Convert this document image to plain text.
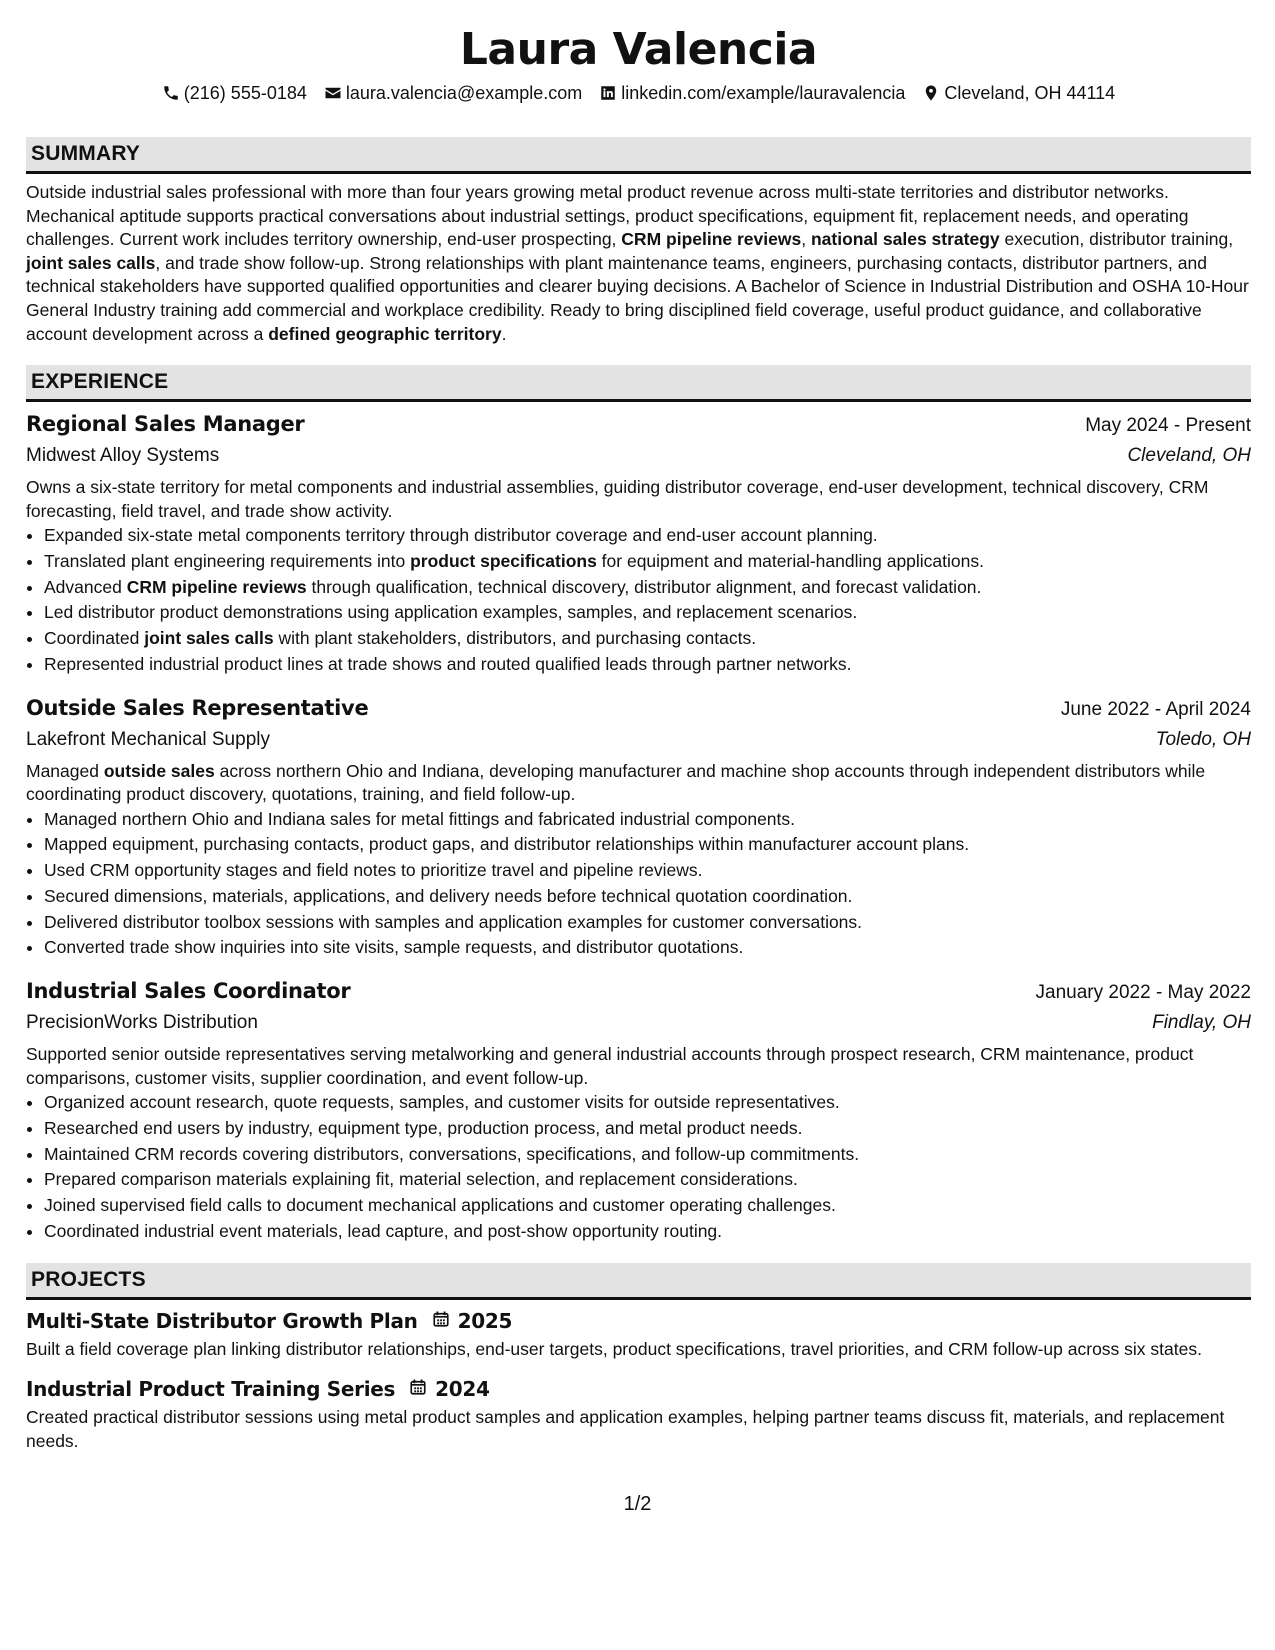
Laura Valencia
(216) 555-0184 laura.valencia@example.com linkedin.com/example/lauravalencia Cleveland, OH 44114
SUMMARY
Outside industrial sales professional with more than four years growing metal product revenue across multi-state territories and distributor networks. Mechanical aptitude supports practical conversations about industrial settings, product specifications, equipment fit, replacement needs, and operating challenges. Current work includes territory ownership, end-user prospecting, CRM pipeline reviews, national sales strategy execution, distributor training, joint sales calls, and trade show follow-up. Strong relationships with plant maintenance teams, engineers, purchasing contacts, distributor partners, and technical stakeholders have supported qualified opportunities and clearer buying decisions. A Bachelor of Science in Industrial Distribution and OSHA 10-Hour General Industry training add commercial and workplace credibility. Ready to bring disciplined field coverage, useful product guidance, and collaborative account development across a defined geographic territory.
EXPERIENCE
Regional Sales Manager	May 2024 - Present
Midwest Alloy Systems	Cleveland, OH
Owns a six-state territory for metal components and industrial assemblies, guiding distributor coverage, end-user development, technical discovery, CRM forecasting, field travel, and trade show activity.
• Expanded six-state metal components territory through distributor coverage and end-user account planning.
• Translated plant engineering requirements into product specifications for equipment and material-handling applications.
• Advanced CRM pipeline reviews through qualification, technical discovery, distributor alignment, and forecast validation.
• Led distributor product demonstrations using application examples, samples, and replacement scenarios.
• Coordinated joint sales calls with plant stakeholders, distributors, and purchasing contacts.
• Represented industrial product lines at trade shows and routed qualified leads through partner networks.
Outside Sales Representative	June 2022 - April 2024
Lakefront Mechanical Supply	Toledo, OH
Managed outside sales across northern Ohio and Indiana, developing manufacturer and machine shop accounts through independent distributors while coordinating product discovery, quotations, training, and field follow-up.
• Managed northern Ohio and Indiana sales for metal fittings and fabricated industrial components.
• Mapped equipment, purchasing contacts, product gaps, and distributor relationships within manufacturer account plans.
• Used CRM opportunity stages and field notes to prioritize travel and pipeline reviews.
• Secured dimensions, materials, applications, and delivery needs before technical quotation coordination.
• Delivered distributor toolbox sessions with samples and application examples for customer conversations.
• Converted trade show inquiries into site visits, sample requests, and distributor quotations.
Industrial Sales Coordinator	January 2022 - May 2022
PrecisionWorks Distribution	Findlay, OH
Supported senior outside representatives serving metalworking and general industrial accounts through prospect research, CRM maintenance, product comparisons, customer visits, supplier coordination, and event follow-up.
• Organized account research, quote requests, samples, and customer visits for outside representatives.
• Researched end users by industry, equipment type, production process, and metal product needs.
• Maintained CRM records covering distributors, conversations, specifications, and follow-up commitments.
• Prepared comparison materials explaining fit, material selection, and replacement considerations.
• Joined supervised field calls to document mechanical applications and customer operating challenges.
• Coordinated industrial event materials, lead capture, and post-show opportunity routing.
PROJECTS
Multi-State Distributor Growth Plan 2025
Built a field coverage plan linking distributor relationships, end-user targets, product specifications, travel priorities, and CRM follow-up across six states.
Industrial Product Training Series 2024
Created practical distributor sessions using metal product samples and application examples, helping partner teams discuss fit, materials, and replacement needs.
1/2
